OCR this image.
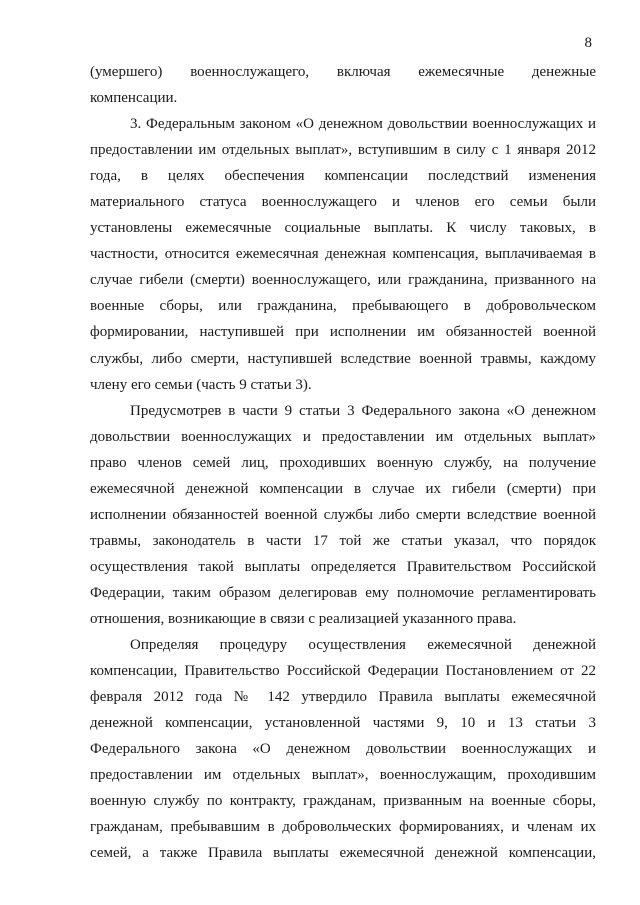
8

(умершего) военнослужащего, включая ежемесячные денежные
компенсации.

3. Федеральным законом «О денежном довольствии военнослужащих и
предоставлении им отдельных выплат», вступившим в силу с 1 января 2012
года, в целях обеспечения компенсации последствий изменения
материального статуса военнослужащего и членов его семьи были
установлены ежемесячные социальные выплаты. К числу таковых, в
частности, относится ежемесячная денежная компенсация, выплачиваемая в
случае гибели (смерти) военнослужащего, или гражданина, призванного на
военные сборы, или гражданина, пребывающего в добровольческом
формировании, наступившей при исполнении им обязанностей военной
службы, либо смерти, наступившей вследствие военной травмы, каждому
члену его семьи (часть 9 статьи 3).

Предусмотрев в части 9 статьи 3 Федерального закона «О денежном
довольствии военнослужащих и предоставлении им отдельных выплат»
право членов семей лиц, проходивших военную службу, на получение
ежемесячной денежной компенсации в случае их гибели (смерти) при
исполнении обязанностей военной службы либо смерти вследствие военной
травмы, законодатель в части 17 той же статьи указал, что порядок
осуществления такой выплаты определяется Правительством Российской
Федерации, таким образом делегировав ему полномочие регламентировать
отношения, возникающие в связи с реализацией указанного права.

Определяя процедуру осуществления ежемесячной денежной
компенсации, Правительство Российской Федерации Постановлением от 22
февраля 2012 года № 142 утвердило Правила выплаты ежемесячной
денежной компенсации, установленной частями 9, 10 и 13 статьи 3
Федерального закона «О денежном довольствии военнослужащих и
предоставлении им отдельных выплат», военнослужащим, проходившим
военную службу по контракту, гражданам, призванным на военные сборы,
гражданам, пребывавшим в добровольческих формированиях, и членам их
семей, а также Правила выплаты ежемесячной денежной компенсации,
